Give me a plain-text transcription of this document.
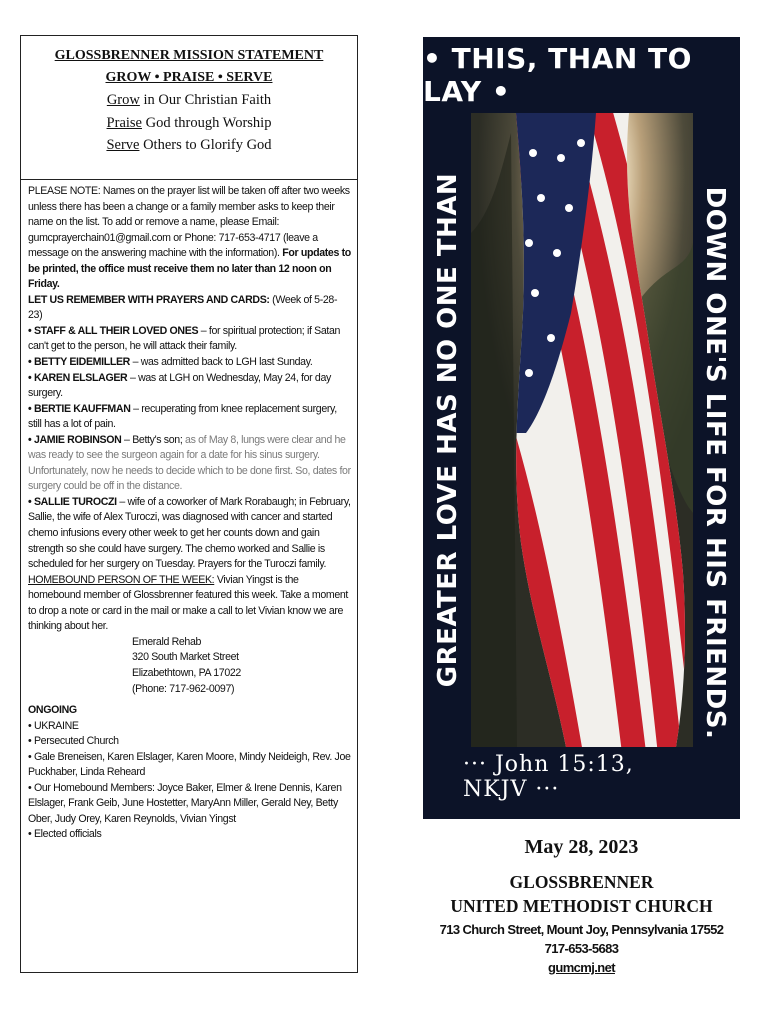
GLOSSBRENNER MISSION STATEMENT
GROW • PRAISE • SERVE
Grow in Our Christian Faith
Praise God through Worship
Serve Others to Glorify God

PLEASE NOTE: Names on the prayer list will be taken off after two weeks unless there has been a change or a family member asks to keep their name on the list. To add or remove a name, please Email: gumcprayerchain01@gmail.com or Phone: 717-653-4717 (leave a message on the answering machine with the information). For updates to be printed, the office must receive them no later than 12 noon on Friday.

LET US REMEMBER WITH PRAYERS AND CARDS: (Week of 5-28-23)

• STAFF & ALL THEIR LOVED ONES – for spiritual protection; if Satan can't get to the person, he will attack their family.

• BETTY EIDEMILLER – was admitted back to LGH last Sunday.

• KAREN ELSLAGER – was at LGH on Wednesday, May 24, for day surgery.

• BERTIE KAUFFMAN – recuperating from knee replacement surgery, still has a lot of pain.

• JAMIE ROBINSON – Betty's son; as of May 8, lungs were clear and he was ready to see the surgeon again for a date for his sinus surgery. Unfortunately, now he needs to decide which to be done first. So, dates for surgery could be off in the distance.

• SALLIE TUROCZI – wife of a coworker of Mark Rorabaugh; in February, Sallie, the wife of Alex Turoczi, was diagnosed with cancer and started chemo infusions every other week to get her counts down and gain strength so she could have surgery. The chemo worked and Sallie is scheduled for her surgery on Tuesday. Prayers for the Turoczi family.

HOMEBOUND PERSON OF THE WEEK: Vivian Yingst is the homebound member of Glossbrenner featured this week. Take a moment to drop a note or card in the mail or make a call to let Vivian know we are thinking about her.

Emerald Rehab

320 South Market Street

Elizabethtown, PA 17022

(Phone: 717-962-0097)

ONGOING

• UKRAINE

• Persecuted Church

• Gale Breneisen, Karen Elslager, Karen Moore, Mindy Neideigh, Rev. Joe Puckhaber, Linda Reheard

• Our Homebound Members: Joyce Baker, Elmer & Irene Dennis, Karen Elslager, Frank Geib, June Hostetter, MaryAnn Miller, Gerald Ney, Betty Ober, Judy Orey, Karen Reynolds, Vivian Yingst

• Elected officials

• THIS, THAN TO LAY •
GREATER LOVE HAS NO ONE THAN	DOWN ONE'S LIFE FOR HIS FRIENDS.
··· John 15:13, NKJV ···
May 28, 2023
GLOSSBRENNER
UNITED METHODIST CHURCH
713 Church Street, Mount Joy, Pennsylvania 17552
717-653-5683
gumcmj.net
